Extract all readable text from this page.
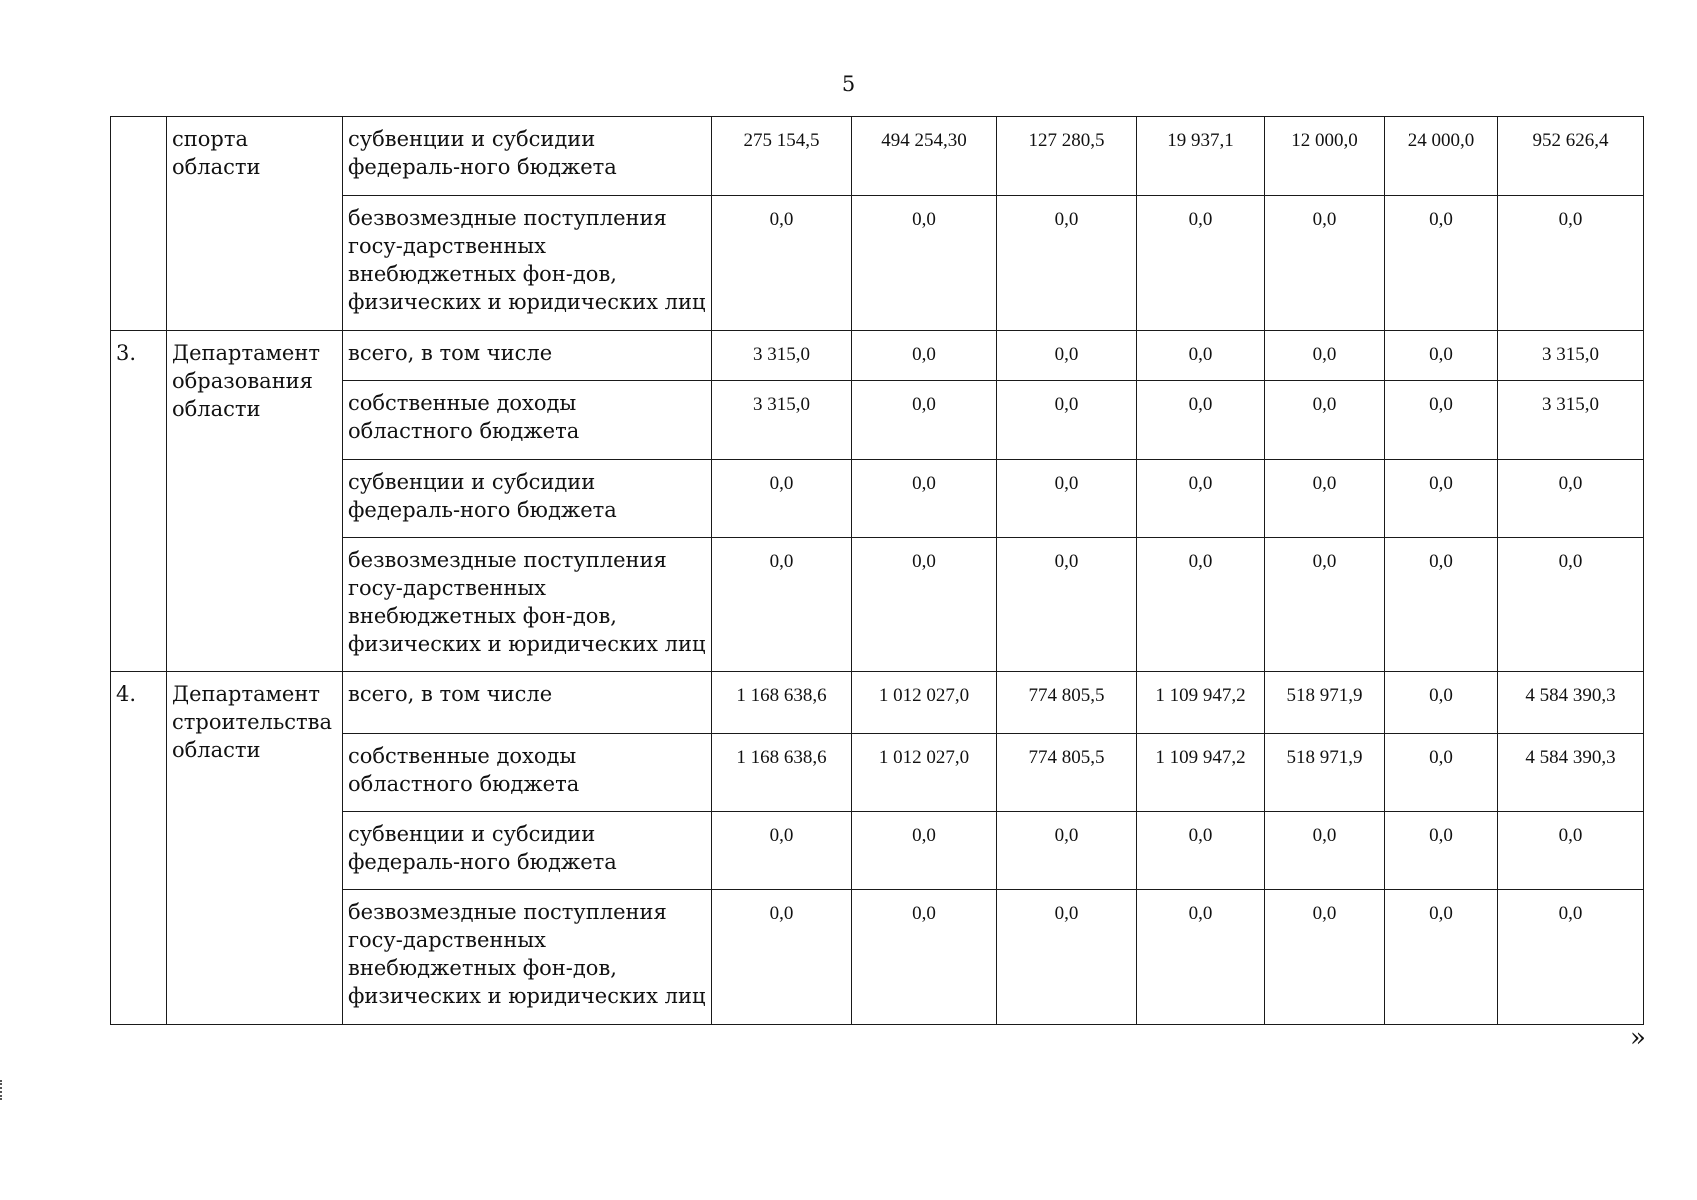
5
	спорта области	субвенции и субсидии федераль-ного бюджета	275 154,5	494 254,30	127 280,5	19 937,1	12 000,0	24 000,0	952 626,4
		безвозмездные поступления госу-дарственных внебюджетных фон-дов, физических и юридических лиц	0,0	0,0	0,0	0,0	0,0	0,0	0,0
3.	Департамент образования области	всего, в том числе	3 315,0	0,0	0,0	0,0	0,0	0,0	3 315,0
		собственные доходы областного бюджета	3 315,0	0,0	0,0	0,0	0,0	0,0	3 315,0
		субвенции и субсидии федераль-ного бюджета	0,0	0,0	0,0	0,0	0,0	0,0	0,0
		безвозмездные поступления госу-дарственных внебюджетных фон-дов, физических и юридических лиц	0,0	0,0	0,0	0,0	0,0	0,0	0,0
4.	Департамент строительства области	всего, в том числе	1 168 638,6	1 012 027,0	774 805,5	1 109 947,2	518 971,9	0,0	4 584 390,3
		собственные доходы областного бюджета	1 168 638,6	1 012 027,0	774 805,5	1 109 947,2	518 971,9	0,0	4 584 390,3
		субвенции и субсидии федераль-ного бюджета	0,0	0,0	0,0	0,0	0,0	0,0	0,0
		безвозмездные поступления госу-дарственных внебюджетных фон-дов, физических и юридических лиц	0,0	0,0	0,0	0,0	0,0	0,0	0,0
»
